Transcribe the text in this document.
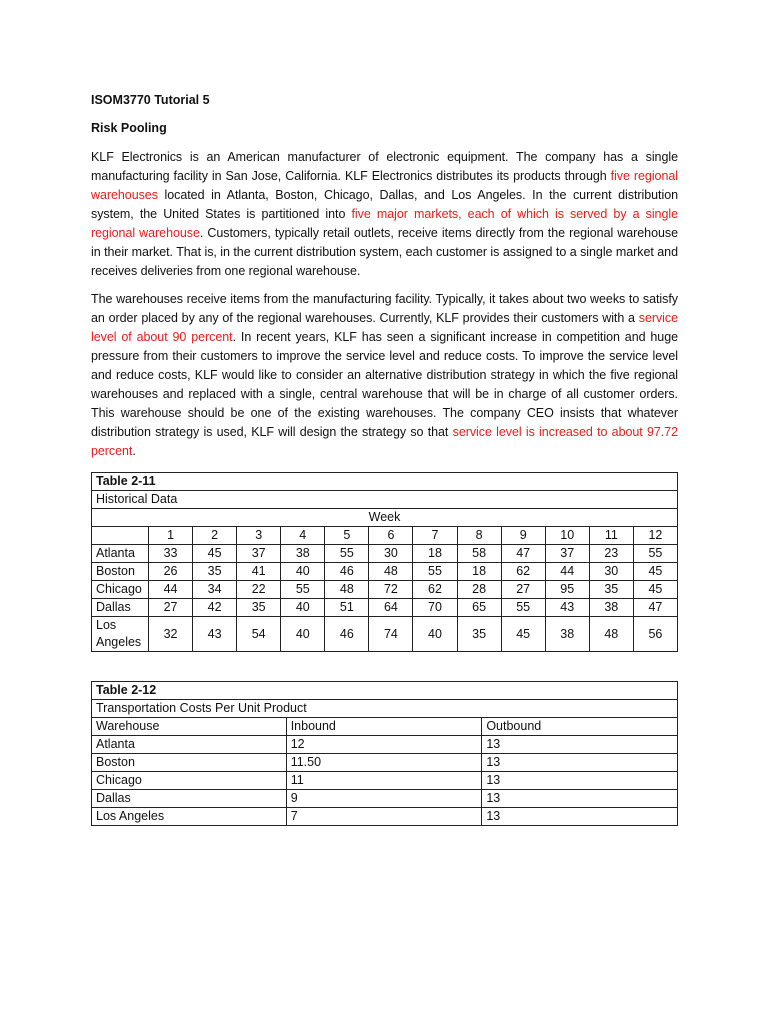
ISOM3770 Tutorial 5
Risk Pooling

KLF Electronics is an American manufacturer of electronic equipment. The company has a single manufacturing facility in San Jose, California. KLF Electronics distributes its products through five regional warehouses located in Atlanta, Boston, Chicago, Dallas, and Los Angeles. In the current distribution system, the United States is partitioned into five major markets, each of which is served by a single regional warehouse. Customers, typically retail outlets, receive items directly from the regional warehouse in their market. That is, in the current distribution system, each customer is assigned to a single market and receives deliveries from one regional warehouse.

The warehouses receive items from the manufacturing facility. Typically, it takes about two weeks to satisfy an order placed by any of the regional warehouses. Currently, KLF provides their customers with a service level of about 90 percent. In recent years, KLF has seen a significant increase in competition and huge pressure from their customers to improve the service level and reduce costs. To improve the service level and reduce costs, KLF would like to consider an alternative distribution strategy in which the five regional warehouses and replaced with a single, central warehouse that will be in charge of all customer orders. This warehouse should be one of the existing warehouses. The company CEO insists that whatever distribution strategy is used, KLF will design the strategy so that service level is increased to about 97.72 percent.

Table 2-11												
Historical Data												
Week												
	1	2	3	4	5	6	7	8	9	10	11	12
Atlanta	33	45	37	38	55	30	18	58	47	37	23	55
Boston	26	35	41	40	46	48	55	18	62	44	30	45
Chicago	44	34	22	55	48	72	62	28	27	95	35	45
Dallas	27	42	35	40	51	64	70	65	55	43	38	47
Los Angeles	32	43	54	40	46	74	40	35	45	38	48	56
Table 2-12		
Transportation Costs Per Unit Product		
Warehouse	Inbound	Outbound
Atlanta	12	13
Boston	11.50	13
Chicago	11	13
Dallas	9	13
Los Angeles	7	13
